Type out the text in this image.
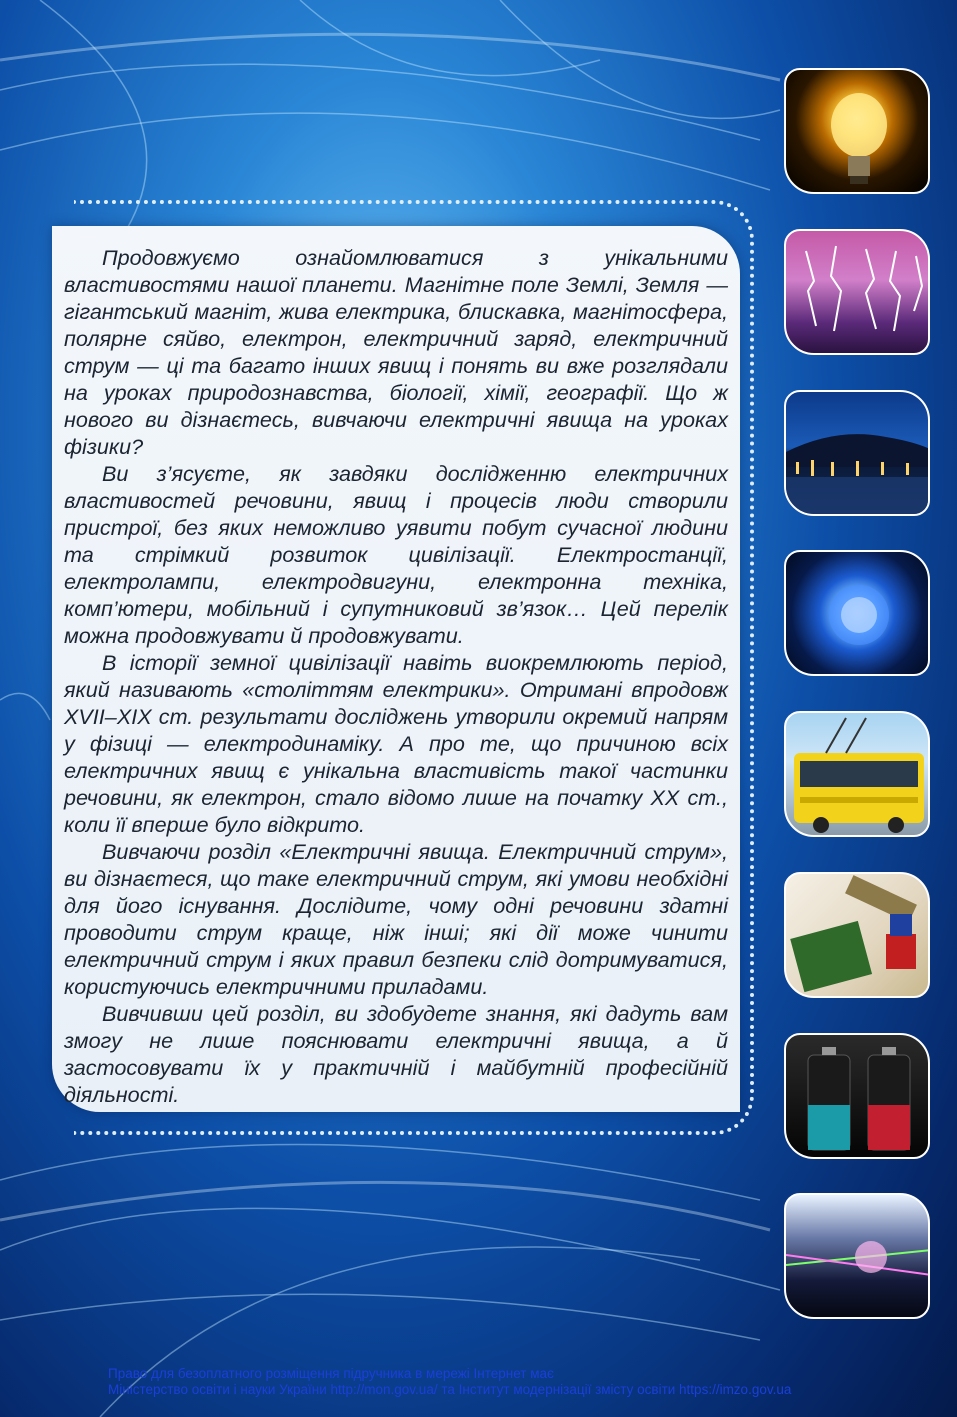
Продовжуємо ознайомлюватися з унікальними властивостями нашої планети. Магнітне поле Землі, Земля — гігантський магніт, жива електрика, блискавка, магнітосфера, полярне сяйво, електрон, електричний заряд, електричний струм — ці та багато інших явищ і понять ви вже розглядали на уроках природознавства, біології, хімії, географії. Що ж нового ви дізнаєтесь, вивчаючи електричні явища на уроках фізики?

Ви з’ясуєте, як завдяки дослідженню електричних властивостей речовини, явищ і процесів люди створили пристрої, без яких неможливо уявити побут сучасної людини та стрімкий розвиток цивілізації. Електростанції, електролампи, електродвигуни, електронна техніка, комп’ютери, мобільний і супутниковий зв’язок… Цей перелік можна продовжувати й продовжувати.

В історії земної цивілізації навіть виокремлюють період, який називають «століттям електрики». Отримані впродовж XVII–XIX ст. результати досліджень утворили окремий напрям у фізиці — електродинаміку. А про те, що причиною всіх електричних явищ є унікальна властивість такої частинки речовини, як електрон, стало відомо лише на початку XX ст., коли її вперше було відкрито.

Вивчаючи розділ «Електричні явища. Електричний струм», ви дізнаєтеся, що таке електричний струм, які умови необхідні для його існування. Дослідите, чому одні речовини здатні проводити струм краще, ніж інші; які дії може чинити електричний струм і яких правил безпеки слід дотримуватися, користуючись електричними приладами.

Вивчивши цей розділ, ви здобудете знання, які дадуть вам змогу не лише пояснювати електричні явища, а й застосовувати їх у практичній і майбутній професійній діяльності.

Право для безоплатного розміщення підручника в мережі Інтернет має
Міністерство освіти і науки України http://mon.gov.ua/ та Інститут модернізації змісту освіти https://imzo.gov.ua
